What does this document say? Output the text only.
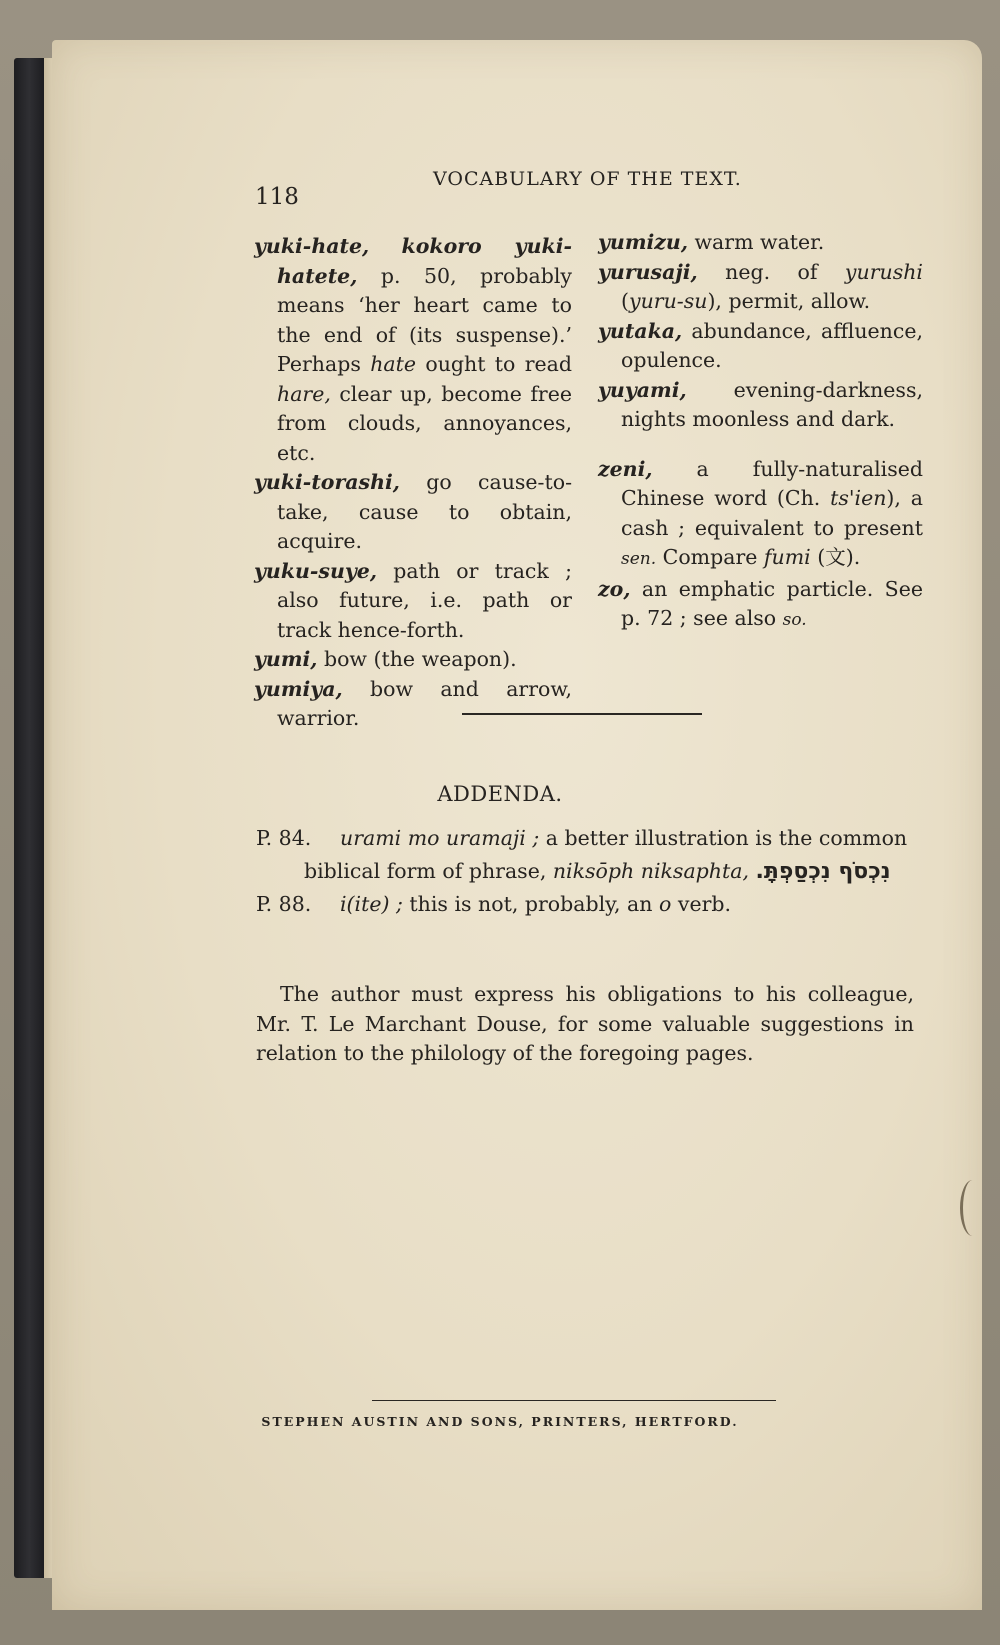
118
VOCABULARY OF THE TEXT.
yuki-hate, kokoro yuki-hatete, p. 50, probably means ‘her heart came to the end of (its suspense).’ Perhaps hate ought to read hare, clear up, become free from clouds, annoyances, etc.
yuki-torashi, go cause-to-take, cause to obtain, acquire.
yuku-suye, path or track ; also future, i.e. path or track hence-forth.
yumi, bow (the weapon).
yumiya, bow and arrow, warrior.
yumizu, warm water.
yurusaji, neg. of yurushi (yuru-su), permit, allow.
yutaka, abundance, affluence, opulence.
yuyami, evening-darkness, nights moonless and dark.
zeni, a fully-naturalised Chinese word (Ch. ts'ien), a cash ; equivalent to present sen. Compare fumi (文).
zo, an emphatic particle. See p. 72 ; see also so.
ADDENDA.
P. 84. urami mo uramaji ; a better illustration is the common
biblical form of phrase, niksōph niksaphta, נִכְסֹף נִכְסַפְתָּ.
P. 88. i(ite) ; this is not, probably, an o verb.
The author must express his obligations to his colleague, Mr. T. Le Marchant Douse, for some valuable suggestions in relation to the philology of the foregoing pages.
STEPHEN AUSTIN AND SONS, PRINTERS, HERTFORD.
